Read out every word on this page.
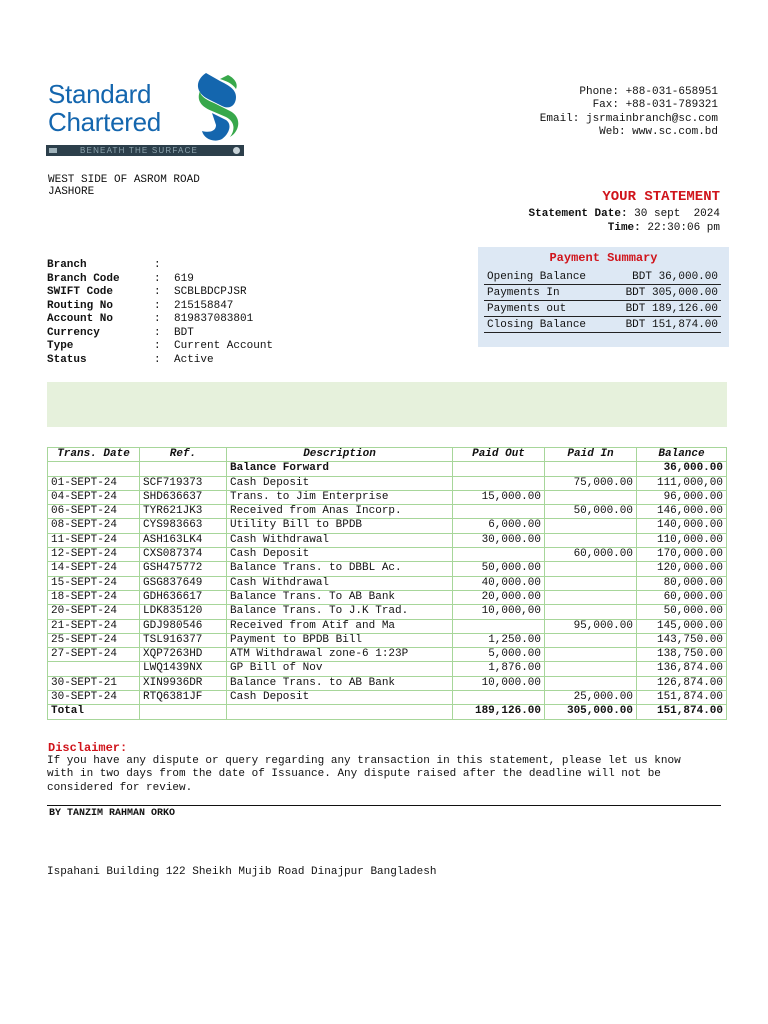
Standard
Chartered
BENEATH THE SURFACE
Phone: +88-031-658951
Fax: +88-031-789321
Email: jsrmainbranch@sc.com
Web: www.sc.com.bd
WEST SIDE OF ASROM ROAD
JASHORE	YOUR STATEMENT
Statement Date: 30 sept  2024
Time: 22:30:06 pm
Branch	:
Branch Code	:	619
SWIFT Code	:	SCBLBDCPJSR
Routing No	:	215158847
Account No	:	819837083801
Currency	:	BDT
Type	:	Current Account
Status	:	Active
Payment Summary
Opening Balance	BDT 36,000.00
Payments In	BDT 305,000.00
Payments out	BDT 189,126.00
Closing Balance	BDT 151,874.00
Trans. Date	Ref.	Description	Paid Out	Paid In	Balance
		Balance Forward			36,000.00
01-SEPT-24	SCF719373	Cash Deposit		75,000.00	111,000,00
04-SEPT-24	SHD636637	Trans. to Jim Enterprise	15,000.00		96,000.00
06-SEPT-24	TYR621JK3	Received from Anas Incorp.		50,000.00	146,000.00
08-SEPT-24	CYS983663	Utility Bill to BPDB	6,000.00		140,000.00
11-SEPT-24	ASH163LK4	Cash Withdrawal	30,000.00		110,000.00
12-SEPT-24	CXS087374	Cash Deposit		60,000.00	170,000.00
14-SEPT-24	GSH475772	Balance Trans. to DBBL Ac.	50,000.00		120,000.00
15-SEPT-24	GSG837649	Cash Withdrawal	40,000.00		80,000.00
18-SEPT-24	GDH636617	Balance Trans. To AB Bank	20,000.00		60,000.00
20-SEPT-24	LDK835120	Balance Trans. To J.K Trad.	10,000,00		50,000.00
21-SEPT-24	GDJ980546	Received from Atif and Ma		95,000.00	145,000.00
25-SEPT-24	TSL916377	Payment to BPDB Bill	1,250.00		143,750.00
27-SEPT-24	XQP7263HD	ATM Withdrawal zone-6 1:23P	5,000.00		138,750.00
	LWQ1439NX	GP Bill of Nov	1,876.00		136,874.00
30-SEPT-21	XIN9936DR	Balance Trans. to AB Bank	10,000.00		126,874.00
30-SEPT-24	RTQ6381JF	Cash Deposit		25,000.00	151,874.00
Total			189,126.00	305,000.00	151,874.00
Disclaimer:
If you have any dispute or query regarding any transaction in this statement, please let us know
with in two days from the date of Issuance. Any dispute raised after the deadline will not be
considered for review.
BY TANZIM RAHMAN ORKO
Ispahani Building 122 Sheikh Mujib Road Dinajpur Bangladesh
